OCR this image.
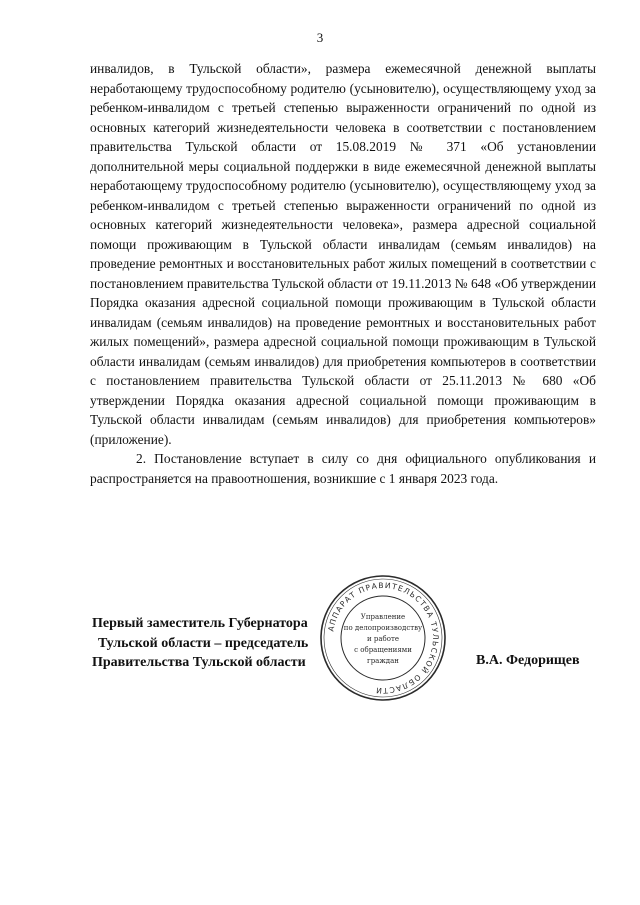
3

инвалидов, в Тульской области», размера ежемесячной денежной выплаты неработающему трудоспособному родителю (усыновителю), осуществляющему уход за ребенком-инвалидом с третьей степенью выраженности ограничений по одной из основных категорий жизнедеятельности человека в соответствии с постановлением правительства Тульской области от 15.08.2019 № 371 «Об установлении дополнительной меры социальной поддержки в виде ежемесячной денежной выплаты неработающему трудоспособному родителю (усыновителю), осуществляющему уход за ребенком-инвалидом с третьей степенью выраженности ограничений по одной из основных категорий жизнедеятельности человека», размера адресной социальной помощи проживающим в Тульской области инвалидам (семьям инвалидов) на проведение ремонтных и восстановительных работ жилых помещений в соответствии с постановлением правительства Тульской области от 19.11.2013 № 648 «Об утверждении Порядка оказания адресной социальной помощи проживающим в Тульской области инвалидам (семьям инвалидов) на проведение ремонтных и восстановительных работ жилых помещений», размера адресной социальной помощи проживающим в Тульской области инвалидам (семьям инвалидов) для приобретения компьютеров в соответствии с постановлением правительства Тульской области от 25.11.2013 № 680 «Об утверждении Порядка оказания адресной социальной помощи проживающим в Тульской области инвалидам (семьям инвалидов) для приобретения компьютеров» (приложение).

2. Постановление вступает в силу со дня официального опубликования и распространяется на правоотношения, возникшие с 1 января 2023 года.

Первый заместитель Губернатора
Тульской области – председатель
Правительства Тульской области	В.А. Федорищев
АППАРАТ ПРАВИТЕЛЬСТВА ТУЛЬСКОЙ ОБЛАСТИ
Управление
по делопроизводству
и работе
с обращениями
граждан
